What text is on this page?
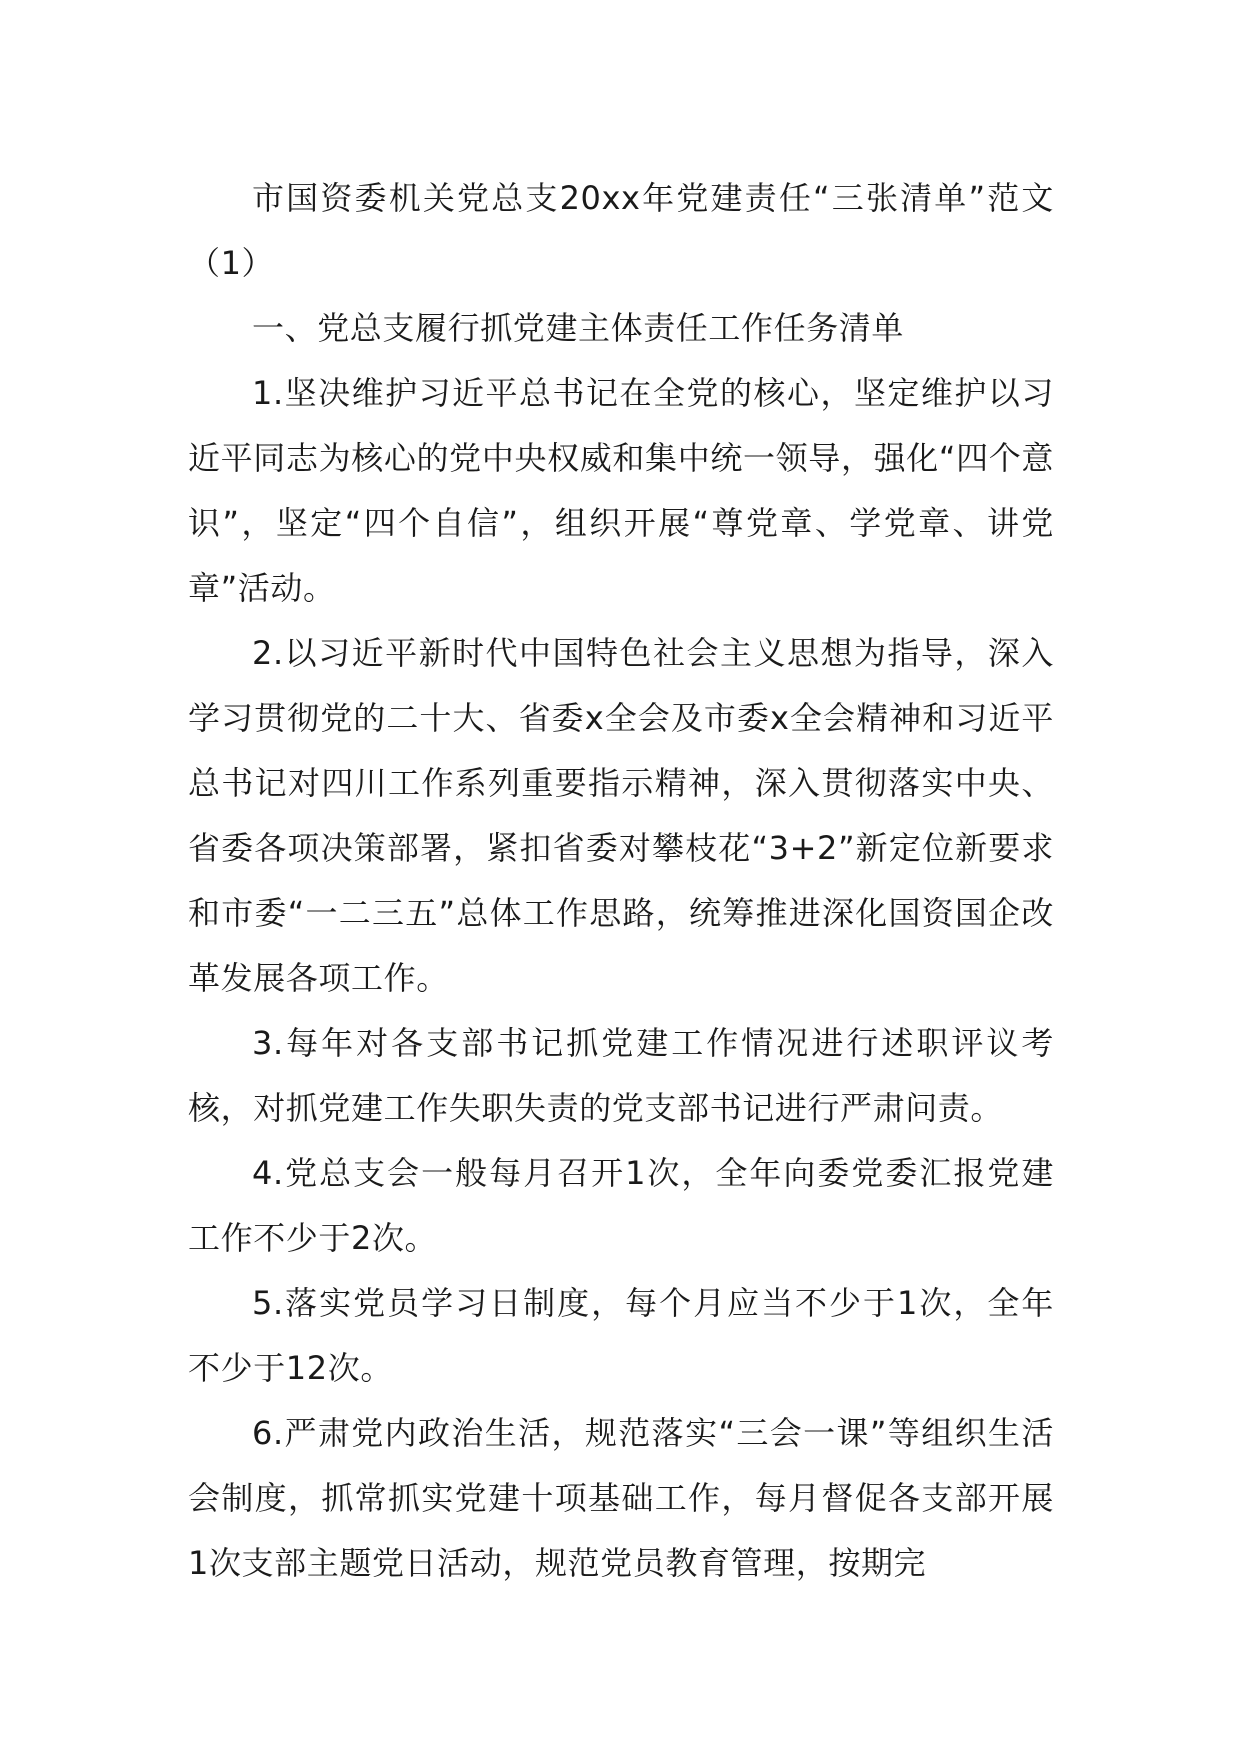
市国资委机关党总支20xx年党建责任“三张清单”范文（1）

一、党总支履行抓党建主体责任工作任务清单

1.坚决维护习近平总书记在全党的核心，坚定维护以习近平同志为核心的党中央权威和集中统一领导，强化“四个意识”，坚定“四个自信”，组织开展“尊党章、学党章、讲党章”活动。

2.以习近平新时代中国特色社会主义思想为指导，深入学习贯彻党的二十大、省委x全会及市委x全会精神和习近平总书记对四川工作系列重要指示精神，深入贯彻落实中央、省委各项决策部署，紧扣省委对攀枝花“3+2”新定位新要求和市委“一二三五”总体工作思路，统筹推进深化国资国企改革发展各项工作。

3.每年对各支部书记抓党建工作情况进行述职评议考核，对抓党建工作失职失责的党支部书记进行严肃问责。

4.党总支会一般每月召开1次，全年向委党委汇报党建工作不少于2次。

5.落实党员学习日制度，每个月应当不少于1次，全年不少于12次。

6.严肃党内政治生活，规范落实“三会一课”等组织生活会制度，抓常抓实党建十项基础工作，每月督促各支部开展1次支部主题党日活动，规范党员教育管理，按期完
